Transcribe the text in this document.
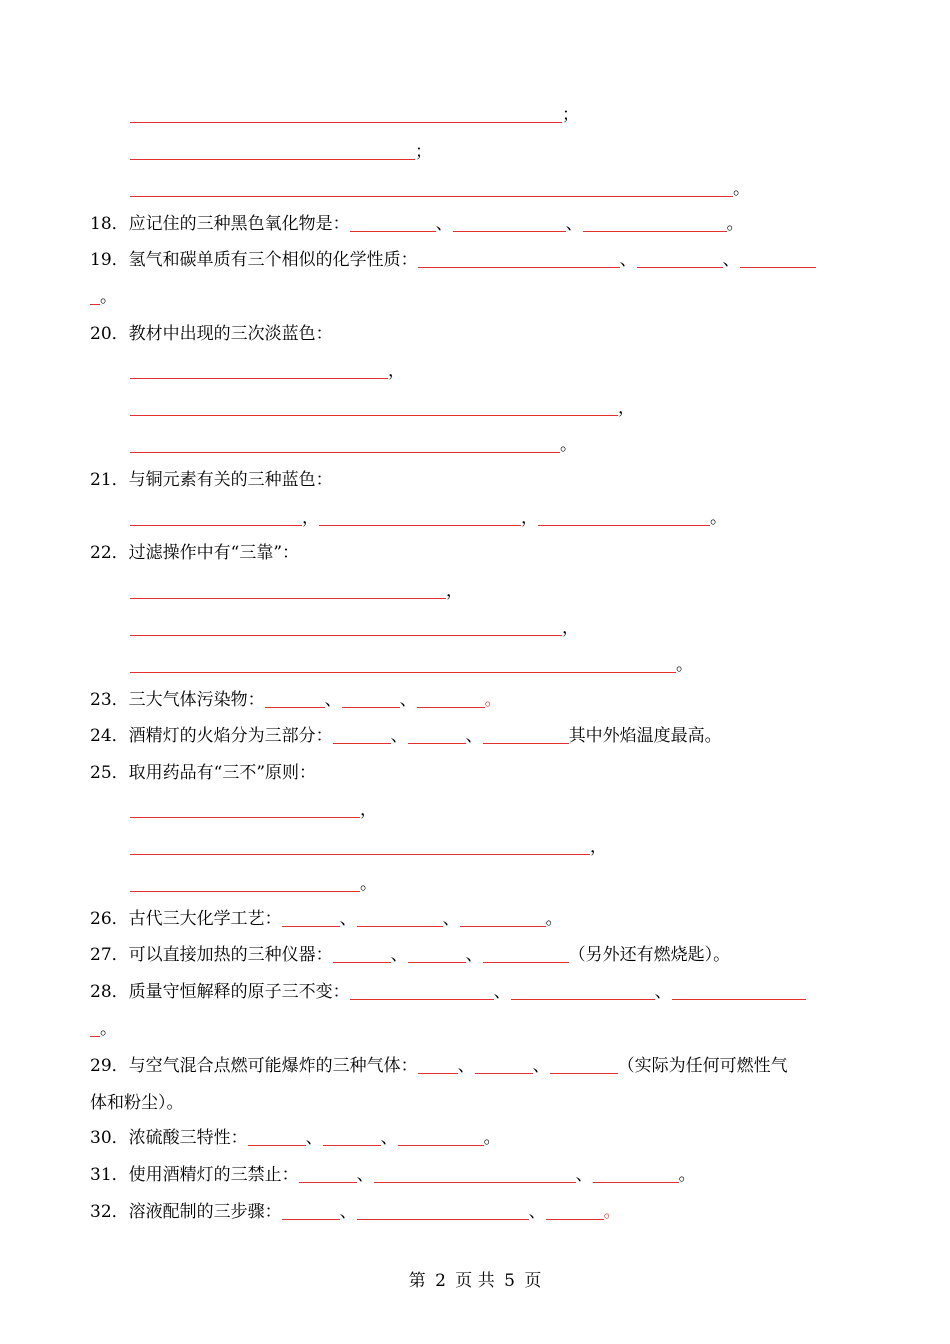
；
；
。
18．应记住的三种黑色氧化物是：	、	、	。
19．氢气和碳单质有三个相似的化学性质：	、	、
。
20．教材中出现的三次淡蓝色：
，
，
。
21．与铜元素有关的三种蓝色：
，	，	。
22．过滤操作中有“三靠”：
，
，
。
23．三大气体污染物：	、	、	。
24．酒精灯的火焰分为三部分：	、	、	其中外焰温度最高。
25．取用药品有“三不”原则：
，
，
。
26．古代三大化学工艺：	、	、	。
27．可以直接加热的三种仪器：	、	、	（另外还有燃烧匙）。
28．质量守恒解释的原子三不变：	、	、
。
29．与空气混合点燃可能爆炸的三种气体： 、	、	（实际为任何可燃性气
体和粉尘）。
30．浓硫酸三特性：	、	、	。
31．使用酒精灯的三禁止：	、	、	。
32．溶液配制的三步骤：	、	、	。
第 2 页 共 5 页
